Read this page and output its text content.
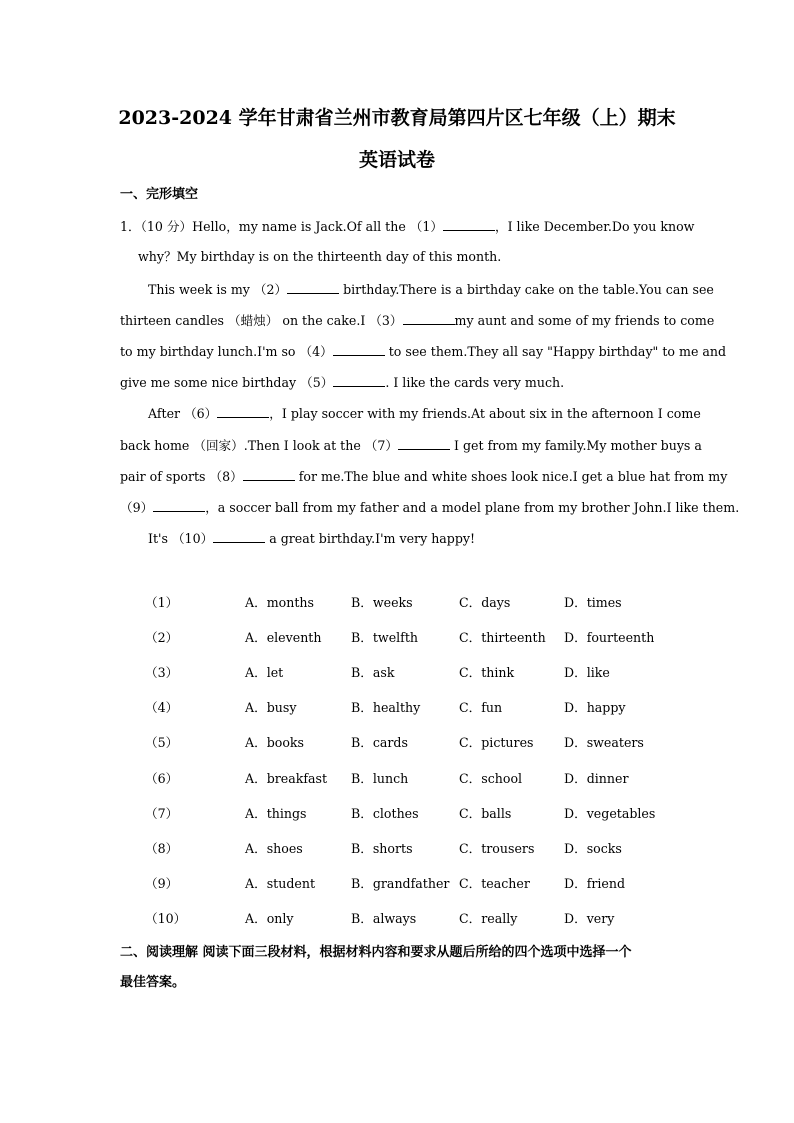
2023-2024 学年甘肃省兰州市教育局第四片区七年级（上）期末
英语试卷
一、完形填空
1．（10 分）Hello，my name is Jack.Of all the （1）	，I like December.Do you know
why？My birthday is on the thirteenth day of this month.
This week is my （2）	birthday.There is a birthday cake on the table.You can see
thirteen candles （蜡烛） on the cake.I （3）	my aunt and some of my friends to come
to my birthday lunch.I'm so （4）	to see them.They all say "Happy birthday" to me and
give me some nice birthday （5）	. I like the cards very much.
After （6）	，I play soccer with my friends.At about six in the afternoon I come
back home （回家）.Then I look at the （7）	I get from my family.My mother buys a
pair of sports （8）	for me.The blue and white shoes look nice.I get a blue hat from my
（9）	，a soccer ball from my father and a model plane from my brother John.I like them.
It's （10）	a great birthday.I'm very happy!
（1）	A．months	B．weeks	C．days	D．times
（2）	A．eleventh B．twelfth	C．thirteenth D．fourteenth
（3）	A．let	B．ask	C．think	D．like
（4）	A．busy	B．healthy	C．fun	D．happy
（5）	A．books	B．cards	C．pictures D．sweaters
（6）	A．breakfast B．lunch	C．school	D．dinner
（7）	A．things	B．clothes	C．balls	D．vegetables
（8）	A．shoes	B．shorts	C．trousers D．socks
（9）	A．student	B．grandfather C．teacher	D．friend
（10）	A．only	B．always	C．really	D．very
二、阅读理解 阅读下面三段材料，根据材料内容和要求从题后所给的四个选项中选择一个
最佳答案。
